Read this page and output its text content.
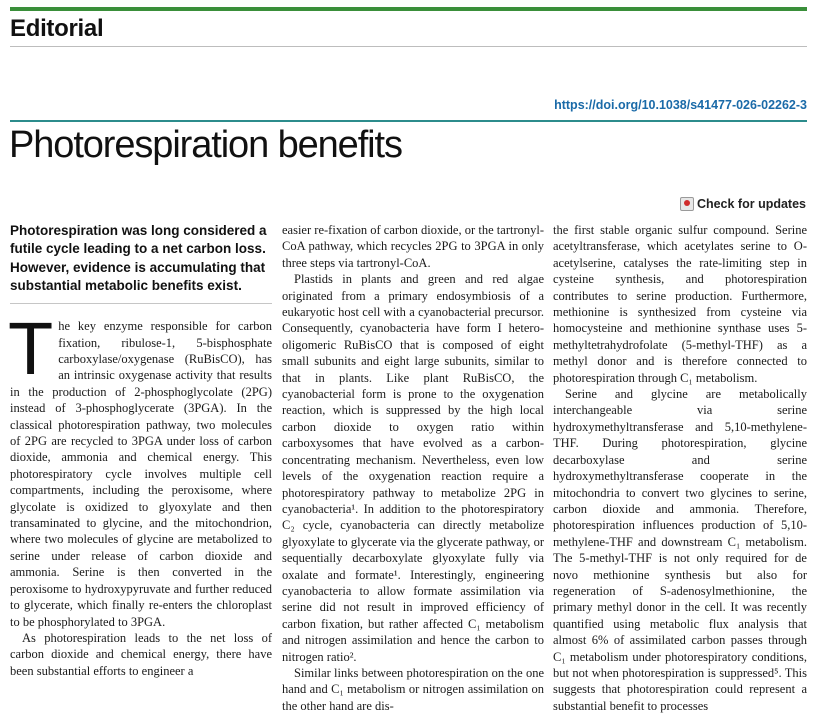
Editorial
https://doi.org/10.1038/s41477-026-02262-3
Photorespiration benefits
Check for updates

Photorespiration was long considered a futile cycle leading to a net carbon loss. However, evidence is accumulating that substantial metabolic benefits exist.

The key enzyme responsible for carbon fixation, ribulose-1, 5-bisphosphate carboxylase/oxygenase (RuBisCO), has an intrinsic oxygenase activity that results in the production of 2-phosphoglycolate (2PG) instead of 3-phosphoglycerate (3PGA). In the classical photorespiration pathway, two molecules of 2PG are recycled to 3PGA under loss of carbon dioxide, ammonia and chemical energy. This photorespiratory cycle involves multiple cell compartments, including the peroxisome, where glycolate is oxidized to glyoxylate and then transaminated to glycine, and the mitochondrion, where two molecules of glycine are metabolized to serine under release of carbon dioxide and ammonia. Serine is then converted in the peroxisome to hydroxypyruvate and further reduced to glycerate, which finally re-enters the chloroplast to be phosphorylated to 3PGA.

As photorespiration leads to the net loss of carbon dioxide and chemical energy, there have been substantial efforts to engineer a

easier re-fixation of carbon dioxide, or the tartronyl-CoA pathway, which recycles 2PG to 3PGA in only three steps via tartronyl-CoA.

Plastids in plants and green and red algae originated from a primary endosymbiosis of a eukaryotic host cell with a cyanobacterial precursor. Consequently, cyanobacteria have form I hetero-oligomeric RuBisCO that is composed of eight small subunits and eight large subunits, similar to that in plants. Like plant RuBisCO, the cyanobacterial form is prone to the oxygenation reaction, which is suppressed by the high local carbon dioxide to oxygen ratio within carboxysomes that have evolved as a carbon-concentrating mechanism. Nevertheless, even low levels of the oxygenation reaction require a photorespiratory pathway to metabolize 2PG in cyanobacteria¹. In addition to the photorespiratory C₂ cycle, cyanobacteria can directly metabolize glyoxylate to glycerate via the glycerate pathway, or sequentially decarboxylate glyoxylate fully via oxalate and formate¹. Interestingly, engineering cyanobacteria to allow formate assimilation via serine did not result in improved efficiency of carbon fixation, but rather affected C₁ metabolism and nitrogen assimilation and hence the carbon to nitrogen ratio².

Similar links between photorespiration on the one hand and C₁ metabolism or nitrogen assimilation on the other hand are dis-

the first stable organic sulfur compound. Serine acetyltransferase, which acetylates serine to O-acetylserine, catalyses the rate-limiting step in cysteine synthesis, and photorespiration contributes to serine production. Furthermore, methionine is synthesized from cysteine via homocysteine and methionine synthase uses 5-methyltetrahydrofolate (5-methyl-THF) as a methyl donor and is therefore connected to photorespiration through C₁ metabolism.

Serine and glycine are metabolically interchangeable via serine hydroxymethyltransferase and 5,10-methylene-THF. During photorespiration, glycine decarboxylase and serine hydroxymethyltransferase cooperate in the mitochondria to convert two glycines to serine, carbon dioxide and ammonia. Therefore, photorespiration influences production of 5,10-methylene-THF and downstream C₁ metabolism. The 5-methyl-THF is not only required for de novo methionine synthesis but also for regeneration of S-adenosylmethionine, the primary methyl donor in the cell. It was recently quantified using metabolic flux analysis that almost 6% of assimilated carbon passes through C₁ metabolism under photorespiratory conditions, but not when photorespiration is suppressed⁵. This suggests that photorespiration could represent a substantial benefit to processes
